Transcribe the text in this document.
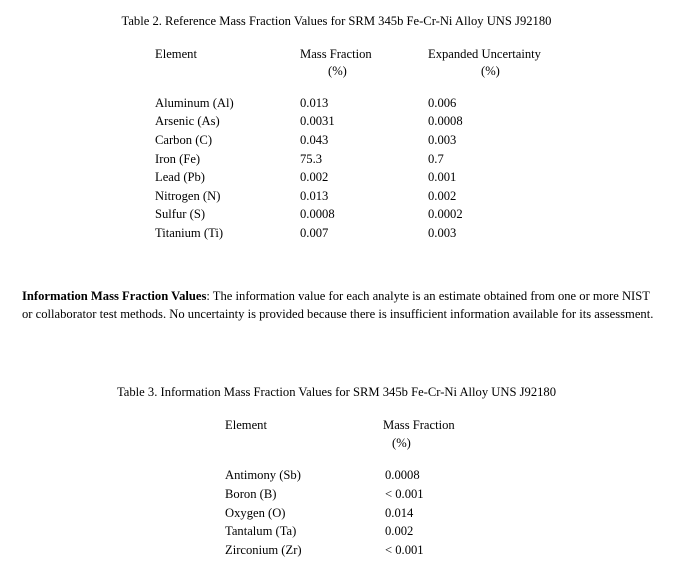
Table 2. Reference Mass Fraction Values for SRM 345b Fe-Cr-Ni Alloy UNS J92180
Element	Mass Fraction	Expanded Uncertainty

	(%)	(%)

Aluminum (Al)	0.013	0.006
Arsenic (As)	0.0031	0.0008
Carbon (C)	0.043	0.003
Iron (Fe)	75.3	0.7
Lead (Pb)	0.002	0.001
Nitrogen (N)	0.013	0.002
Sulfur (S)	0.0008	0.0002
Titanium (Ti)	0.007	0.003
Information Mass Fraction Values: The information value for each analyte is an estimate obtained from one or more NIST or collaborator test methods. No uncertainty is provided because there is insufficient information available for its assessment.
Table 3. Information Mass Fraction Values for SRM 345b Fe-Cr-Ni Alloy UNS J92180
Element	Mass Fraction

	(%)

Antimony (Sb)	0.0008
Boron (B)	< 0.001
Oxygen (O)	0.014
Tantalum (Ta)	0.002
Zirconium (Zr)	< 0.001
